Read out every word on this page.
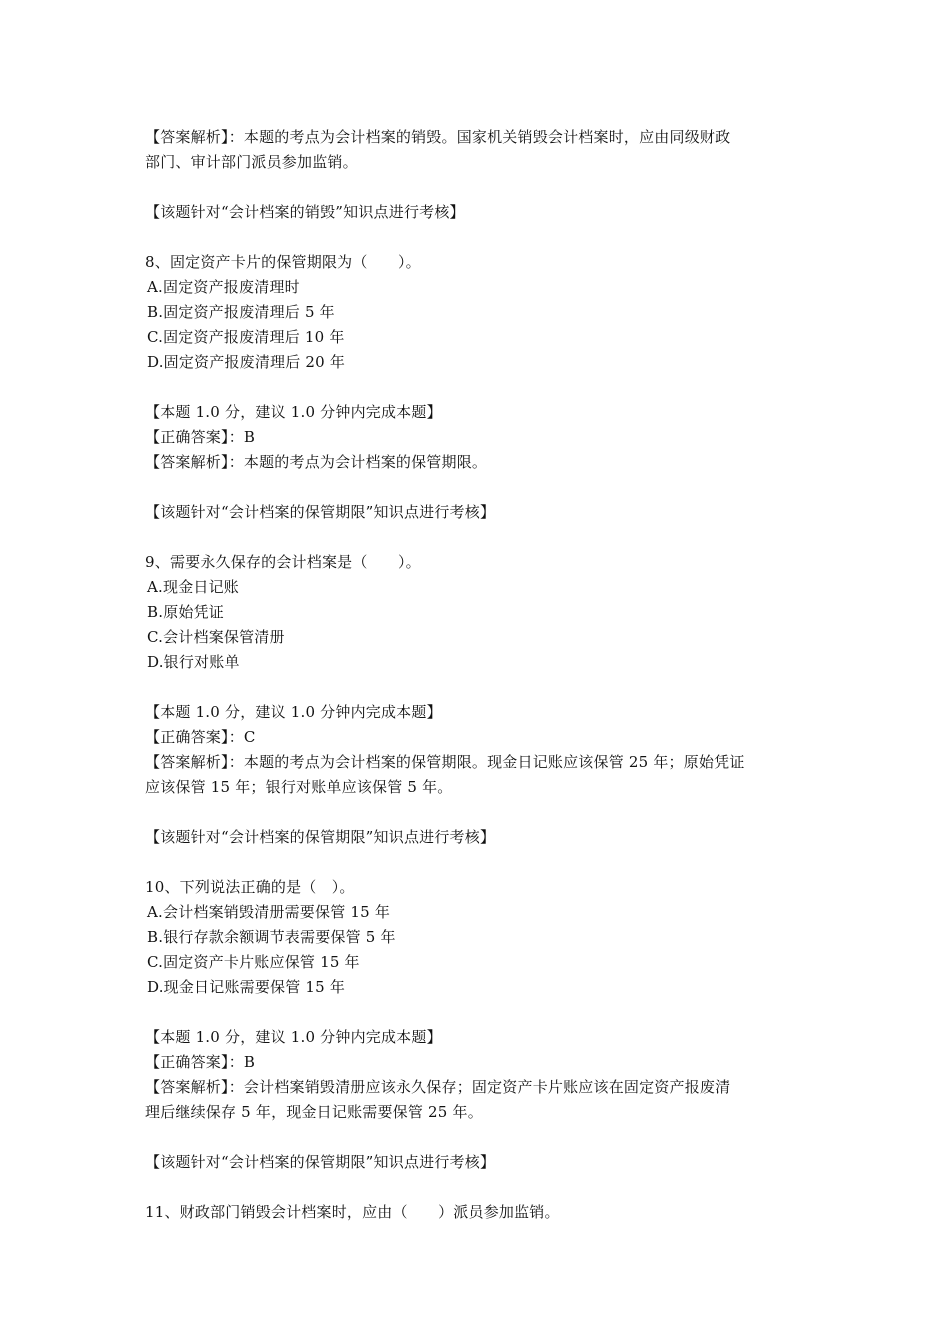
【答案解析】：本题的考点为会计档案的销毁。国家机关销毁会计档案时，应由同级财政
部门、审计部门派员参加监销。
【该题针对“会计档案的销毁”知识点进行考核】
8、固定资产卡片的保管期限为（　　）。
A.固定资产报废清理时
B.固定资产报废清理后 5 年
C.固定资产报废清理后 10 年
D.固定资产报废清理后 20 年
【本题 1.0 分，建议 1.0 分钟内完成本题】
【正确答案】：B
【答案解析】：本题的考点为会计档案的保管期限。
【该题针对“会计档案的保管期限”知识点进行考核】
9、需要永久保存的会计档案是（　　）。
A.现金日记账
B.原始凭证
C.会计档案保管清册
D.银行对账单
【本题 1.0 分，建议 1.0 分钟内完成本题】
【正确答案】：C
【答案解析】：本题的考点为会计档案的保管期限。现金日记账应该保管 25 年；原始凭证
应该保管 15 年；银行对账单应该保管 5 年。
【该题针对“会计档案的保管期限”知识点进行考核】
10、下列说法正确的是（　）。
A.会计档案销毁清册需要保管 15 年
B.银行存款余额调节表需要保管 5 年
C.固定资产卡片账应保管 15 年
D.现金日记账需要保管 15 年
【本题 1.0 分，建议 1.0 分钟内完成本题】
【正确答案】：B
【答案解析】：会计档案销毁清册应该永久保存；固定资产卡片账应该在固定资产报废清
理后继续保存 5 年，现金日记账需要保管 25 年。
【该题针对“会计档案的保管期限”知识点进行考核】
11、财政部门销毁会计档案时，应由（　　）派员参加监销。
